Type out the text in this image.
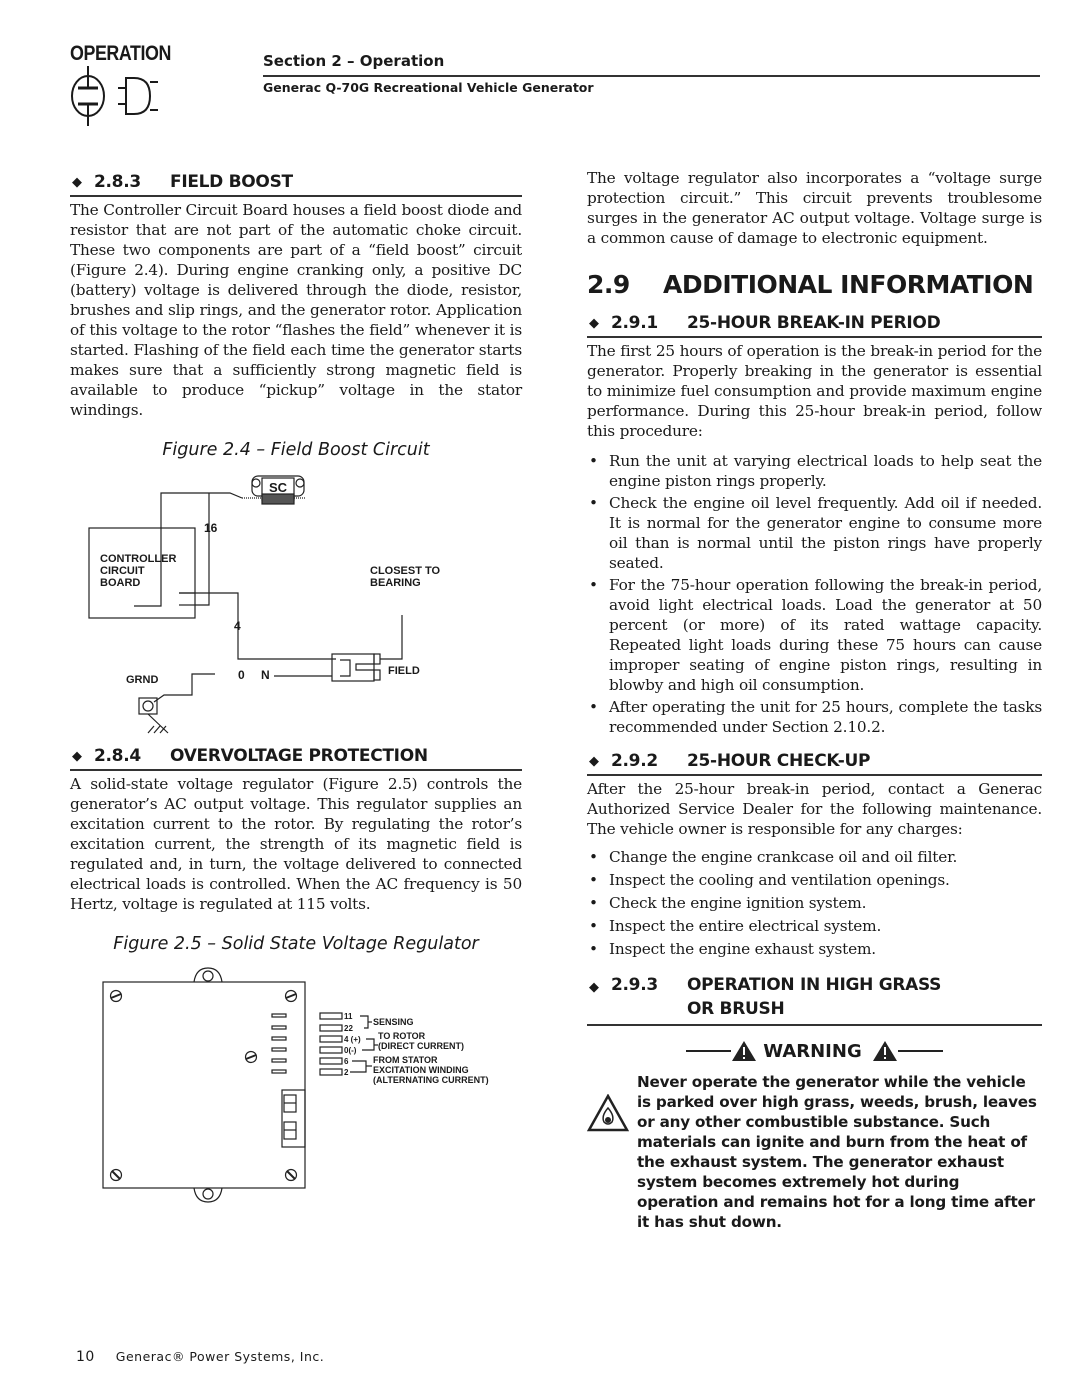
OPERATION	Section 2 – Operation
Generac Q-70G Recreational Vehicle Generator
◆ 2.8.3	FIELD BOOST

The Controller Circuit Board houses a field boost diode and resistor that are not part of the automatic choke circuit. These two components are part of a “field boost” circuit (Figure 2.4). During engine cranking only, a positive DC (battery) voltage is delivered through the diode, resistor, brushes and slip rings, and the generator rotor. Application of this voltage to the rotor “flashes the field” whenever it is started. Flashing of the field each time the generator starts makes sure that a sufficiently strong magnetic field is available to produce “pickup” voltage in the stator windings.

Figure 2.4 – Field Boost Circuit
SC
16
CONTROLLER
CIRCUIT
BOARD
CLOSEST TO
BEARING
4
0 N	FIELD
GRND
◆ 2.8.4	OVERVOLTAGE PROTECTION

A solid-state voltage regulator (Figure 2.5) controls the generator’s AC output voltage. This regulator supplies an excitation current to the rotor. By regulating the rotor’s excitation current, the strength of its magnetic field is regulated and, in turn, the voltage delivered to connected electrical loads is controlled. When the AC frequency is 50 Hertz, voltage is regulated at 115 volts.

Figure 2.5 – Solid State Voltage Regulator
11
22
4 (+)
0(-)
6
2
SENSING
TO ROTOR
(DIRECT CURRENT)
FROM STATOR
EXCITATION WINDING
(ALTERNATING CURRENT)

The voltage regulator also incorporates a “voltage surge protection circuit.” This circuit prevents troublesome surges in the generator AC output voltage. Voltage surge is a common cause of damage to electronic equipment.

2.9	ADDITIONAL INFORMATION
◆ 2.9.1	25-HOUR BREAK-IN PERIOD

The first 25 hours of operation is the break-in period for the generator. Properly breaking in the generator is essential to minimize fuel consumption and provide maximum engine performance. During this 25-hour break-in period, follow this procedure:

• Run the unit at varying electrical loads to help seat the engine piston rings properly.
• Check the engine oil level frequently. Add oil if needed. It is normal for the generator engine to consume more oil than is normal until the piston rings have properly seated.
• For the 75-hour operation following the break-in period, avoid light electrical loads. Load the generator at 50 percent (or more) of its rated wattage capacity. Repeated light loads during these 75 hours can cause improper seating of engine piston rings, resulting in blowby and high oil consumption.
• After operating the unit for 25 hours, complete the tasks recommended under Section 2.10.2.
◆ 2.9.2	25-HOUR CHECK-UP

After the 25-hour break-in period, contact a Generac Authorized Service Dealer for the following maintenance. The vehicle owner is responsible for any charges:

• Change the engine crankcase oil and oil filter.
• Inspect the cooling and ventilation openings.
• Check the engine ignition system.
• Inspect the entire electrical system.
• Inspect the engine exhaust system.
◆ 2.9.3	OPERATION IN HIGH GRASS OR BRUSH
WARNING
Never operate the generator while the vehicle is parked over high grass, weeds, brush, leaves or any other combustible substance. Such materials can ignite and burn from the heat of the exhaust system. The generator exhaust system becomes extremely hot during operation and remains hot for a long time after it has shut down.
10 Generac® Power Systems, Inc.
